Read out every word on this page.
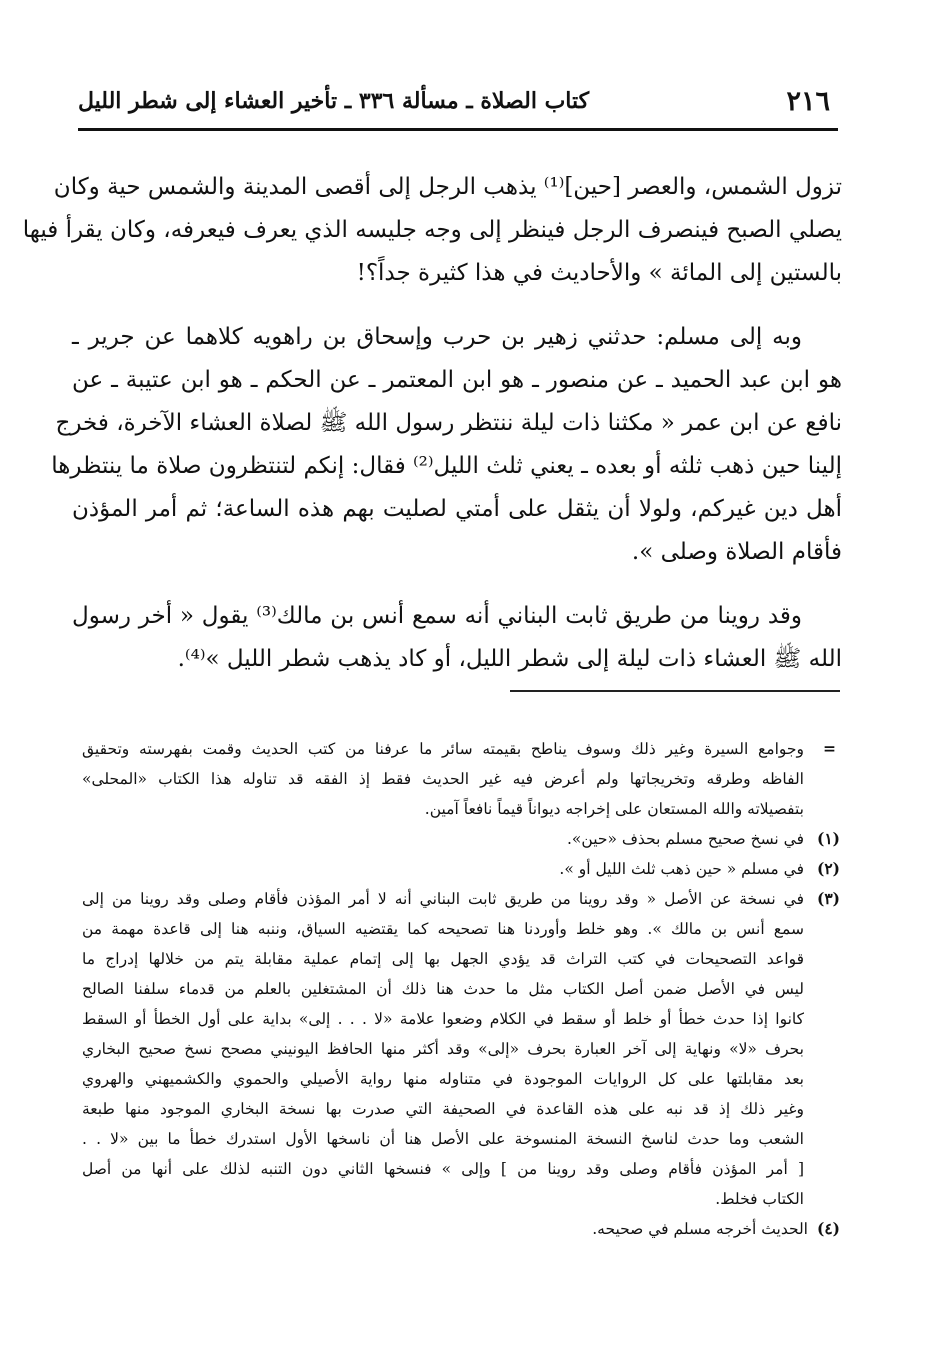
٢١٦
كتاب الصلاة ـ مسألة ٣٣٦ ـ تأخير العشاء إلى شطر الليل

تزول الشمس، والعصر [حين]⁽¹⁾ يذهب الرجل إلى أقصى المدينة والشمس حية وكان
يصلي الصبح فينصرف الرجل فينظر إلى وجه جليسه الذي يعرف فيعرفه، وكان يقرأ فيها
بالستين إلى المائة » والأحاديث في هذا كثيرة جداً؟!

وبه إلى مسلم: حدثني زهير بن حرب وإسحاق بن راهويه كلاهما عن جرير ـ
هو ابن عبد الحميد ـ عن منصور ـ هو ابن المعتمر ـ عن الحكم ـ هو ابن عتيبة ـ عن
نافع عن ابن عمر « مكثنا ذات ليلة ننتظر رسول الله ﷺ لصلاة العشاء الآخرة، فخرج
إلينا حين ذهب ثلثه أو بعده ـ يعني ثلث الليل⁽²⁾ فقال: إنكم لتنتظرون صلاة ما ينتظرها
أهل دين غيركم، ولولا أن يثقل على أمتي لصليت بهم هذه الساعة؛ ثم أمر المؤذن
فأقام الصلاة وصلى ».

وقد روينا من طريق ثابت البناني أنه سمع أنس بن مالك⁽³⁾ يقول « أخر رسول
الله ﷺ العشاء ذات ليلة إلى شطر الليل، أو كاد يذهب شطر الليل »⁽⁴⁾.

=
وجوامع السيرة وغير ذلك وسوف يناطح بقيمته سائر ما عرفنا من كتب الحديث وقمت بفهرسته وتحقيق
الفاظه وطرقه وتخريجاتها ولم أعرض فيه غير الحديث فقط إذ الفقه قد تناوله هذا الكتاب «المحلى»
بتفصيلاته والله المستعان على إخراجه ديواناً قيماً نافعاً آمين.
(١)
في نسخ صحيح مسلم بحذف «حين».
(٢)
في مسلم « حين ذهب ثلث الليل أو ».
(٣)
في نسخة عن الأصل « وقد روينا من طريق ثابت البناني أنه لا أمر المؤذن فأقام وصلى وقد روينا من إلى
سمع أنس بن مالك ». وهو خلط وأوردنا هنا تصحيحه كما يقتضيه السياق، وننبه هنا إلى قاعدة مهمة من
قواعد التصحيحات في كتب التراث قد يؤدي الجهل بها إلى إتمام عملية مقابلة يتم من خلالها إدراج ما
ليس في الأصل ضمن أصل الكتاب مثل ما حدث هنا ذلك أن المشتغلين بالعلم من قدماء سلفنا الصالح
كانوا إذا حدث خطأ أو خلط أو سقط في الكلام وضعوا علامة «لا . . . إلى» بداية على أول الخطأ أو السقط
بحرف «لا» ونهاية إلى آخر العبارة بحرف «إلى» وقد أكثر منها الحافظ اليونيني مصحح نسخ صحيح البخاري
بعد مقابلتها على كل الروايات الموجودة في متناوله منها رواية الأصيلي والحموي والكشميهني والهروي
وغير ذلك إذ قد نبه على هذه القاعدة في الصحيفة التي صدرت بها نسخة البخاري الموجود منها طبعة
الشعب وما حدث لناسخ النسخة المنسوخة على الأصل هنا أن ناسخها الأول استدرك خطأ ما بين «لا . .
[ أمر المؤذن فأقام وصلى وقد روينا من ] وإلى » فنسخها الثاني دون التنبه لذلك على أنها من أصل
الكتاب فخلط.
(٤)
الحديث أخرجه مسلم في صحيحه.
